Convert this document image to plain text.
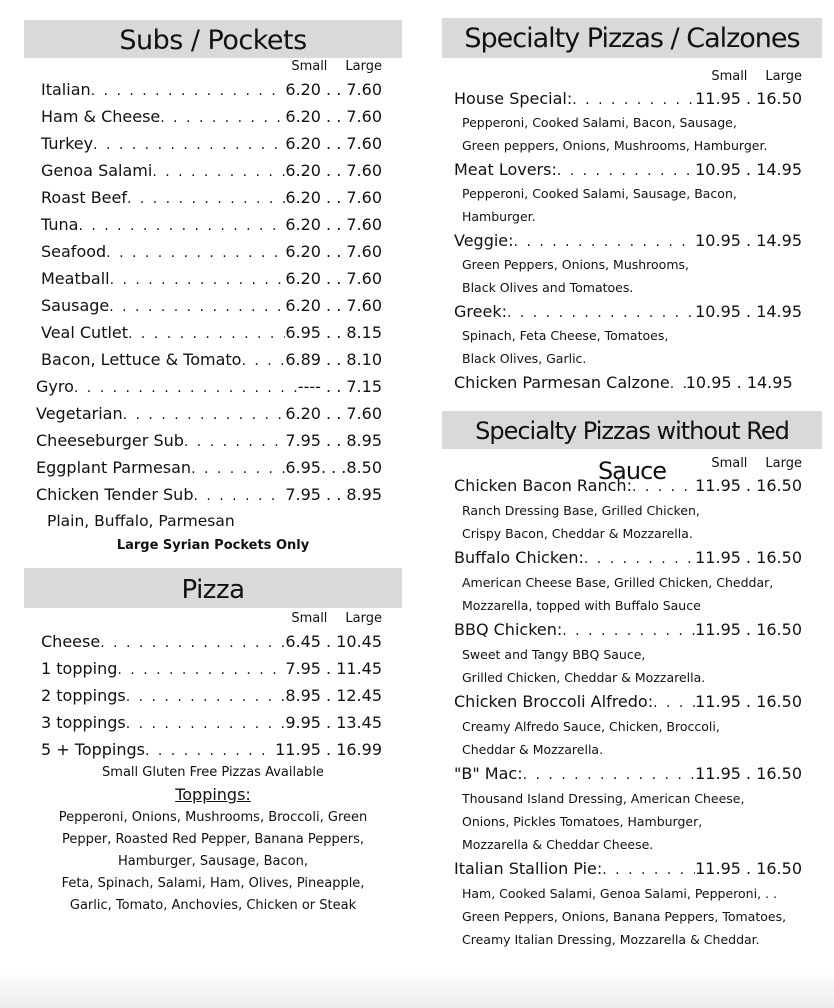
Subs / Pockets
Small Large
Italian . . .	6.20 . . 7.60
Ham & Cheese . . .	6.20 . . 7.60
Turkey . . .	6.20 . . 7.60
Genoa Salami . . .	6.20 . . 7.60
Roast Beef . . .	6.20 . . 7.60
Tuna . . .	6.20 . . 7.60
Seafood . . .	6.20 . . 7.60
Meatball . . .	6.20 . . 7.60
Sausage . . .	6.20 . . 7.60
Veal Cutlet . . .	6.95 . . 8.15
Bacon, Lettuce & Tomato . . .	6.89 . . 8.10
Gyro . . .	---- . . 7.15
Vegetarian . . .	6.20 . . 7.60
Cheeseburger Sub . . .	7.95 . . 8.95
Eggplant Parmesan . . .	6.95. . .8.50
Chicken Tender Sub . . .	7.95 . . 8.95
Plain, Buffalo, Parmesan
Large Syrian Pockets Only
Pizza
Small Large
Cheese . . .	6.45 . 10.45
1 topping . . .	7.95 . 11.45
2 toppings . . .	8.95 . 12.45
3 toppings . . .	9.95 . 13.45
5 + Toppings . . .	11.95 . 16.99
Small Gluten Free Pizzas Available
Toppings:
Pepperoni, Onions, Mushrooms, Broccoli, Green
Pepper, Roasted Red Pepper, Banana Peppers,
Hamburger, Sausage, Bacon,
Feta, Spinach, Salami, Ham, Olives, Pineapple,
Garlic, Tomato, Anchovies, Chicken or Steak
Specialty Pizzas / Calzones
Small Large
House Special: . . .	11.95 . 16.50
Pepperoni, Cooked Salami, Bacon, Sausage,
Green peppers, Onions, Mushrooms, Hamburger.
Meat Lovers: . . .	10.95 . 14.95
Pepperoni, Cooked Salami, Sausage, Bacon,
Hamburger.
Veggie: . . .	10.95 . 14.95
Green Peppers, Onions, Mushrooms,
Black Olives and Tomatoes.
Greek: . . .	10.95 . 14.95
Spinach, Feta Cheese, Tomatoes,
Black Olives, Garlic.
Chicken Parmesan Calzone . . . 10.95 . 14.95
Specialty Pizzas without Red Sauce	Small Large
Chicken Bacon Ranch: . . .	11.95 . 16.50
Ranch Dressing Base, Grilled Chicken,
Crispy Bacon, Cheddar & Mozzarella.
Buffalo Chicken: . . .	11.95 . 16.50
American Cheese Base, Grilled Chicken, Cheddar,
Mozzarella, topped with Buffalo Sauce
BBQ Chicken: . . .	11.95 . 16.50
Sweet and Tangy BBQ Sauce,
Grilled Chicken, Cheddar & Mozzarella.
Chicken Broccoli Alfredo: . . .	11.95 . 16.50
Creamy Alfredo Sauce, Chicken, Broccoli,
Cheddar & Mozzarella.
"B" Mac: . . .	11.95 . 16.50
Thousand Island Dressing, American Cheese,
Onions, Pickles Tomatoes, Hamburger,
Mozzarella & Cheddar Cheese.
Italian Stallion Pie: . . .	11.95 . 16.50
Ham, Cooked Salami, Genoa Salami, Pepperoni, . .
Green Peppers, Onions, Banana Peppers, Tomatoes,
Creamy Italian Dressing, Mozzarella & Cheddar.
